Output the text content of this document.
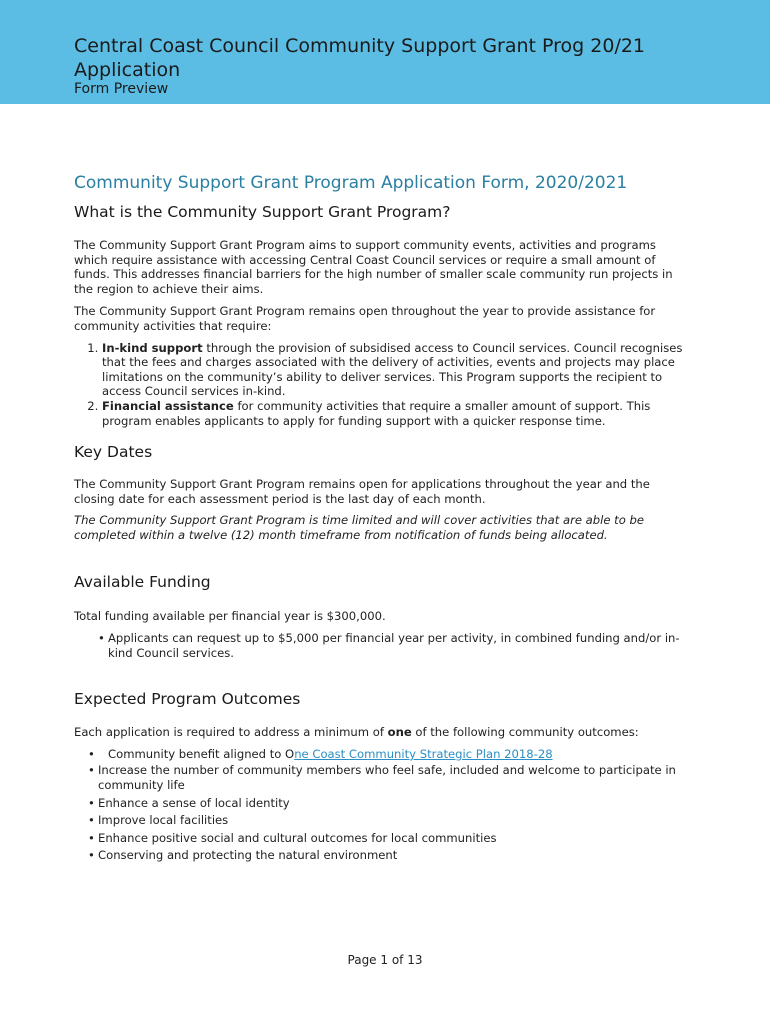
Central Coast Council Community Support Grant Prog 20/21 Application
Form Preview
Community Support Grant Program Application Form, 2020/2021
What is the Community Support Grant Program?

The Community Support Grant Program aims to support community events, activities and programs which require assistance with accessing Central Coast Council services or require a small amount of funds. This addresses financial barriers for the high number of smaller scale community run projects in the region to achieve their aims.

The Community Support Grant Program remains open throughout the year to provide assistance for community activities that require:

1. In-kind support through the provision of subsidised access to Council services. Council recognises that the fees and charges associated with the delivery of activities, events and projects may place limitations on the community’s ability to deliver services. This Program supports the recipient to access Council services in-kind.
2. Financial assistance for community activities that require a smaller amount of support. This program enables applicants to apply for funding support with a quicker response time.
Key Dates

The Community Support Grant Program remains open for applications throughout the year and the closing date for each assessment period is the last day of each month.

The Community Support Grant Program is time limited and will cover activities that are able to be completed within a twelve (12) month timeframe from notification of funds being allocated.

Available Funding

Total funding available per financial year is $300,000.

• Applicants can request up to $5,000 per financial year per activity, in combined funding and/or in-kind Council services.
Expected Program Outcomes

Each application is required to address a minimum of one of the following community outcomes:

• Community benefit aligned to One Coast Community Strategic Plan 2018-28
• Increase the number of community members who feel safe, included and welcome to participate in community life
• Enhance a sense of local identity
• Improve local facilities
• Enhance positive social and cultural outcomes for local communities
• Conserving and protecting the natural environment
Page 1 of 13
